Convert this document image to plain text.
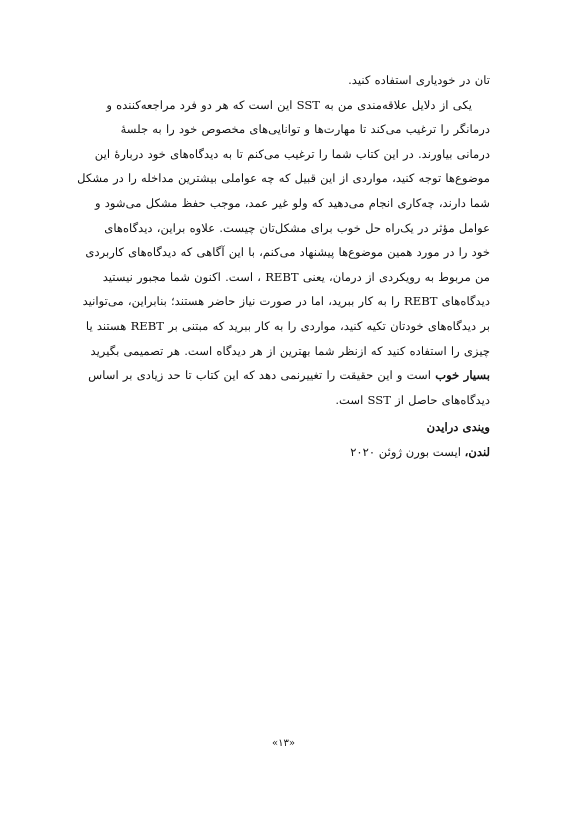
تان در خودیاری استفاده کنید.
یکی از دلایل علاقه‌مندی من به SST این است که هر دو فرد مراجعه‌کننده و
درمانگر را ترغیب می‌کند تا مهارت‌ها و توانایی‌های مخصوص خود را به جلسهٔ
درمانی بیاورند. در این کتاب شما را ترغیب می‌کنم تا به دیدگاه‌های خود دربارهٔ این
موضوع‌ها توجه کنید، مواردی از این قبیل که چه عواملی بیشترین مداخله را در مشکل
شما دارند، چه‌کاری انجام می‌دهید که ولو غیر عمد، موجب حفظ مشکل می‌شود و
عوامل مؤثر در یک‌راه حل خوب برای مشکل‌تان چیست. علاوه براین، دیدگاه‌های
خود را در مورد همین موضوع‌ها پیشنهاد می‌کنم، با این آگاهی که دیدگاه‌های کاربردی
من مربوط به رویکردی از درمان، یعنی REBT ، است. اکنون شما مجبور نیستید
دیدگاه‌های REBT را به کار ببرید، اما در صورت نیاز حاضر هستند؛ بنابراین، می‌توانید
بر دیدگاه‌های خودتان تکیه کنید، مواردی را به کار ببرید که مبتنی بر REBT هستند یا
چیزی را استفاده کنید که ازنظر شما بهترین از هر دیدگاه است. هر تصمیمی بگیرید
بسیار خوب است و این حقیقت را تغییرنمی دهد که این کتاب تا حد زیادی بر اساس
دیدگاه‌های حاصل از SST است.
ویندی درایدن
لندن، ایست بورن ژوئن ۲۰۲۰
«۱۳»
